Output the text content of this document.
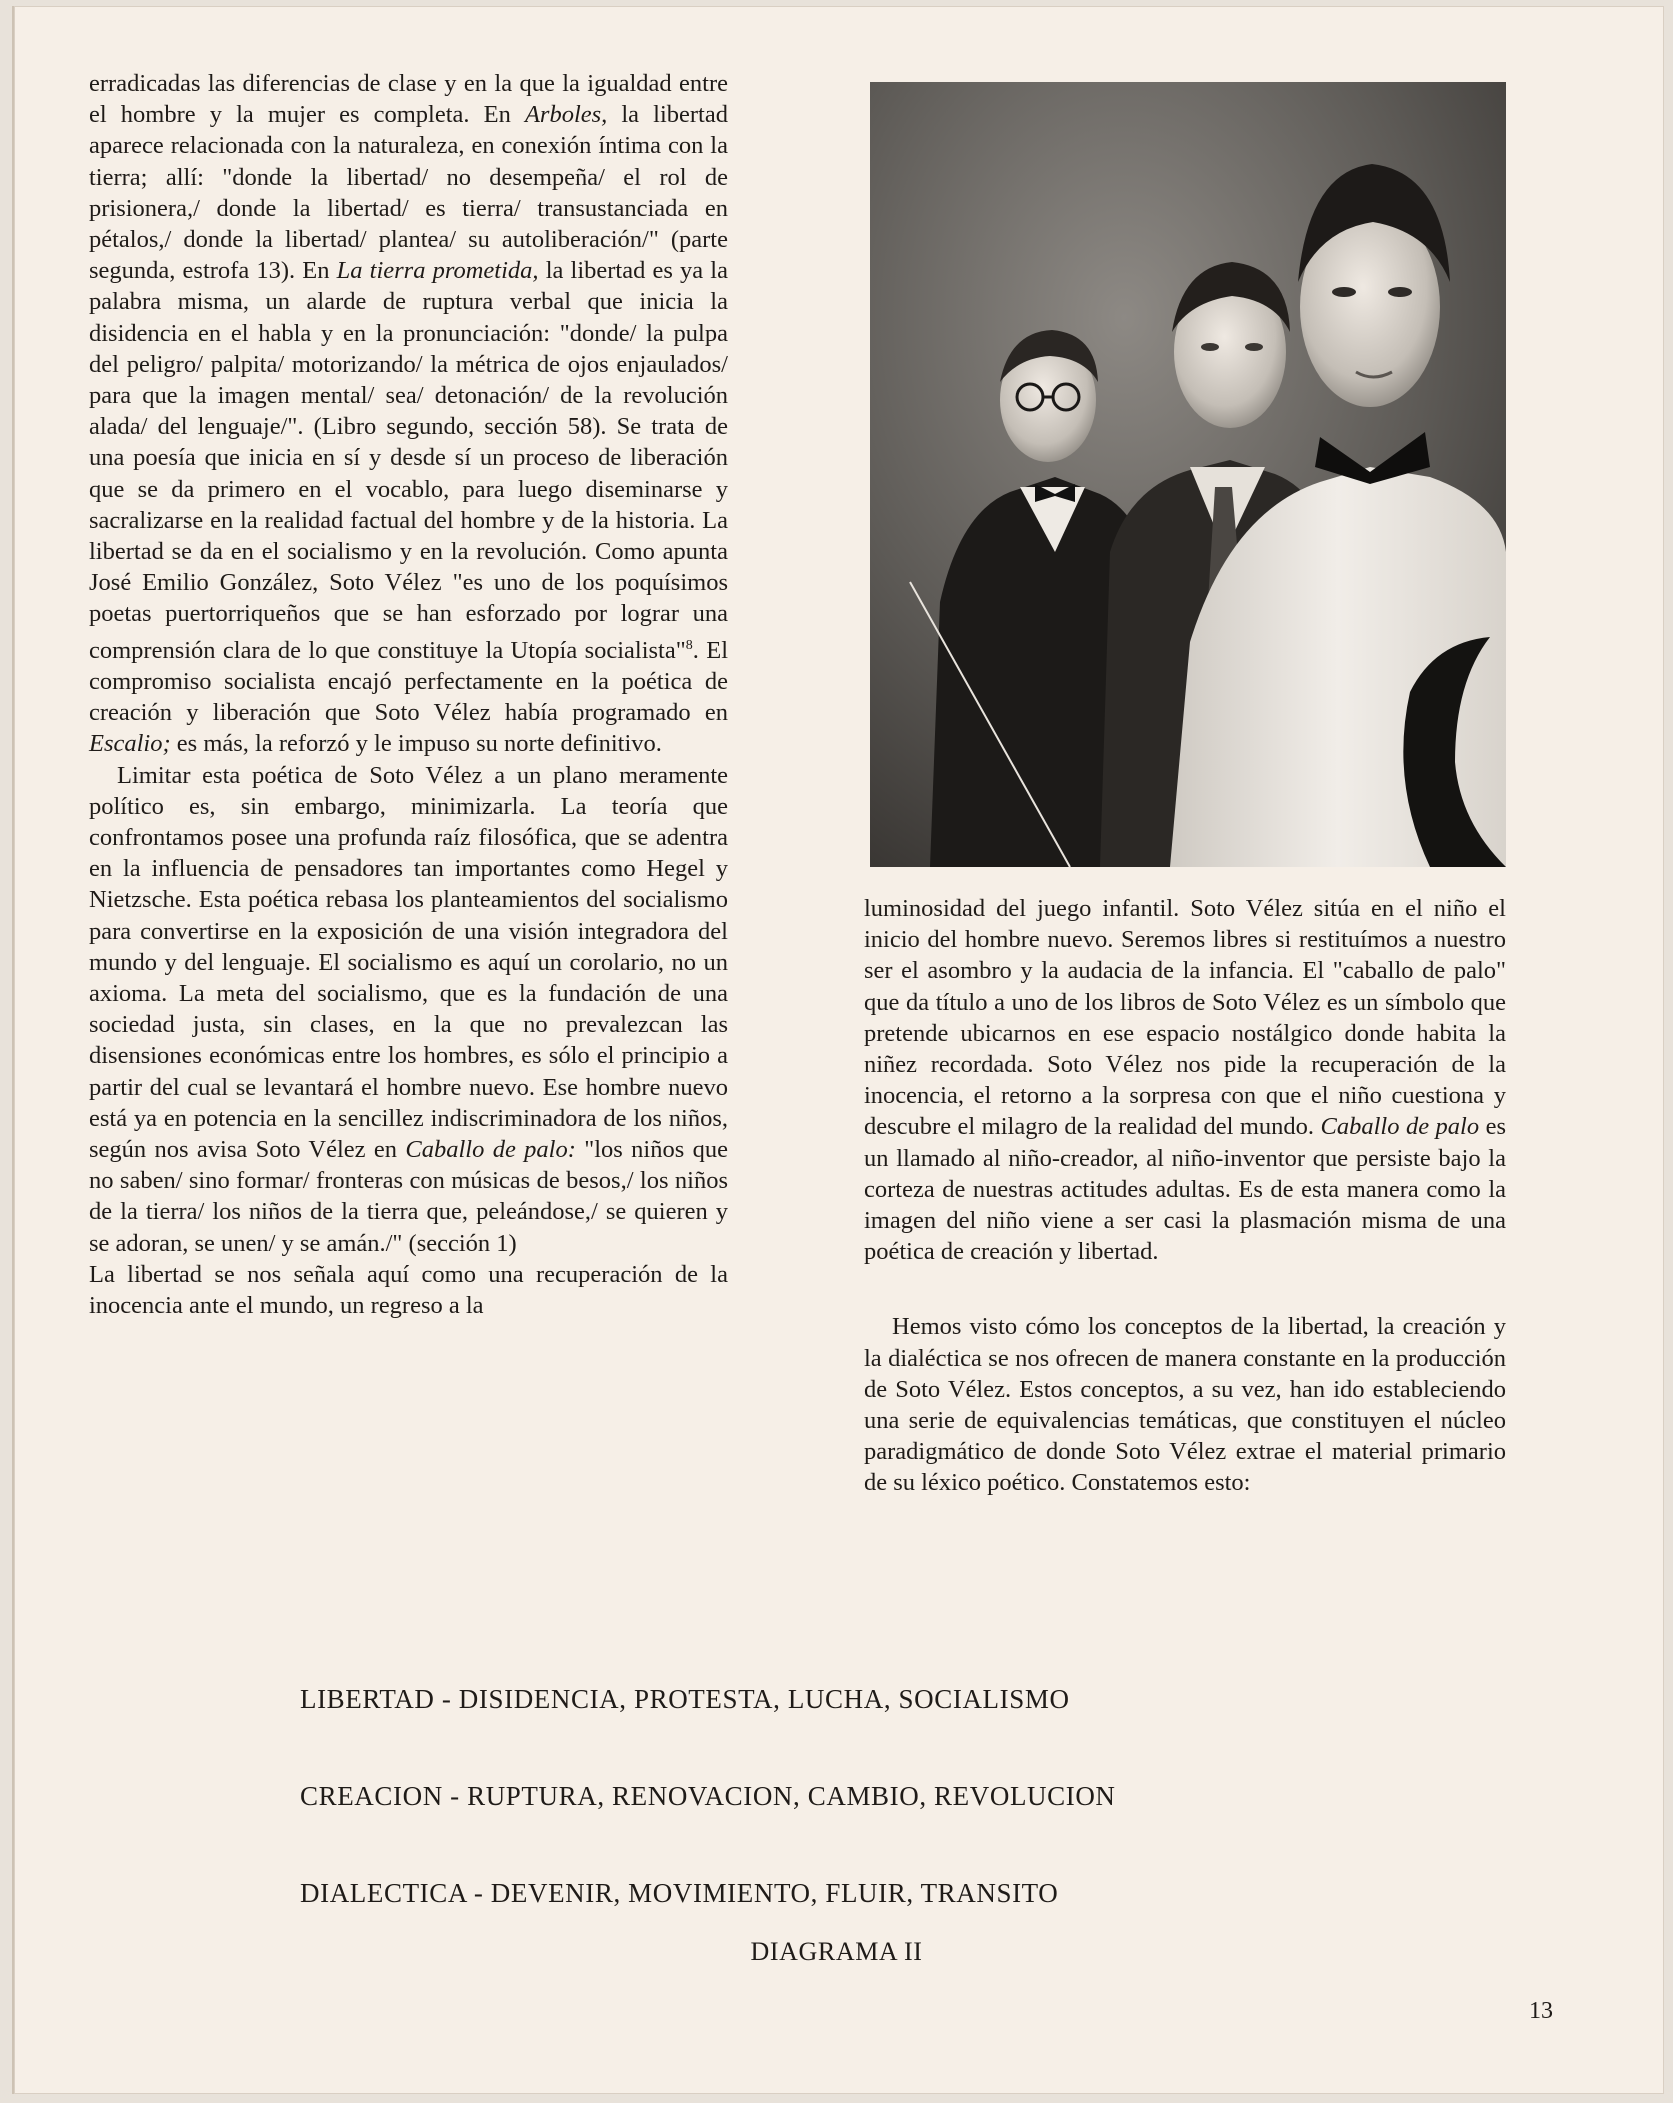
erradicadas las diferencias de clase y en la que la igualdad entre el hombre y la mujer es completa. En Arboles, la libertad aparece relacionada con la naturaleza, en conexión íntima con la tierra; allí: "donde la libertad/ no desempeña/ el rol de prisionera,/ donde la libertad/ es tierra/ transustanciada en pétalos,/ donde la libertad/ plantea/ su autoliberación/" (parte segunda, estrofa 13). En La tierra prometida, la libertad es ya la palabra misma, un alarde de ruptura verbal que inicia la disidencia en el habla y en la pronunciación: "donde/ la pulpa del peligro/ palpita/ motorizando/ la métrica de ojos enjaulados/ para que la imagen mental/ sea/ detonación/ de la revolución alada/ del lenguaje/". (Libro segundo, sección 58). Se trata de una poesía que inicia en sí y desde sí un proceso de liberación que se da primero en el vocablo, para luego diseminarse y sacralizarse en la realidad factual del hombre y de la historia. La libertad se da en el socialismo y en la revolución. Como apunta José Emilio González, Soto Vélez "es uno de los poquísimos poetas puertorriqueños que se han esforzado por lograr una comprensión clara de lo que constituye la Utopía socialista"$^8$. El compromiso socialista encajó perfectamente en la poética de creación y liberación que Soto Vélez había programado en Escalio; es más, la reforzó y le impuso su norte definitivo.

Limitar esta poética de Soto Vélez a un plano meramente político es, sin embargo, minimizarla. La teoría que confrontamos posee una profunda raíz filosófica, que se adentra en la influencia de pensadores tan importantes como Hegel y Nietzsche. Esta poética rebasa los planteamientos del socialismo para convertirse en la exposición de una visión integradora del mundo y del lenguaje. El socialismo es aquí un corolario, no un axioma. La meta del socialismo, que es la fundación de una sociedad justa, sin clases, en la que no prevalezcan las disensiones económicas entre los hombres, es sólo el principio a partir del cual se levantará el hombre nuevo. Ese hombre nuevo está ya en potencia en la sencillez indiscriminadora de los niños, según nos avisa Soto Vélez en Caballo de palo: "los niños que no saben/ sino formar/ fronteras con músicas de besos,/ los niños de la tierra/ los niños de la tierra que, peleándose,/ se quieren y se adoran, se unen/ y se amán./" (sección 1)

La libertad se nos señala aquí como una recuperación de la inocencia ante el mundo, un regreso a la

luminosidad del juego infantil. Soto Vélez sitúa en el niño el inicio del hombre nuevo. Seremos libres si restituímos a nuestro ser el asombro y la audacia de la infancia. El "caballo de palo" que da título a uno de los libros de Soto Vélez es un símbolo que pretende ubicarnos en ese espacio nostálgico donde habita la niñez recordada. Soto Vélez nos pide la recuperación de la inocencia, el retorno a la sorpresa con que el niño cuestiona y descubre el milagro de la realidad del mundo. Caballo de palo es un llamado al niño-creador, al niño-inventor que persiste bajo la corteza de nuestras actitudes adultas. Es de esta manera como la imagen del niño viene a ser casi la plasmación misma de una poética de creación y libertad.

Hemos visto cómo los conceptos de la libertad, la creación y la dialéctica se nos ofrecen de manera constante en la producción de Soto Vélez. Estos conceptos, a su vez, han ido estableciendo una serie de equivalencias temáticas, que constituyen el núcleo paradigmático de donde Soto Vélez extrae el material primario de su léxico poético. Constatemos esto:

LIBERTAD - DISIDENCIA, PROTESTA, LUCHA, SOCIALISMO
CREACION - RUPTURA, RENOVACION, CAMBIO, REVOLUCION
DIALECTICA - DEVENIR, MOVIMIENTO, FLUIR, TRANSITO
DIAGRAMA II
13
